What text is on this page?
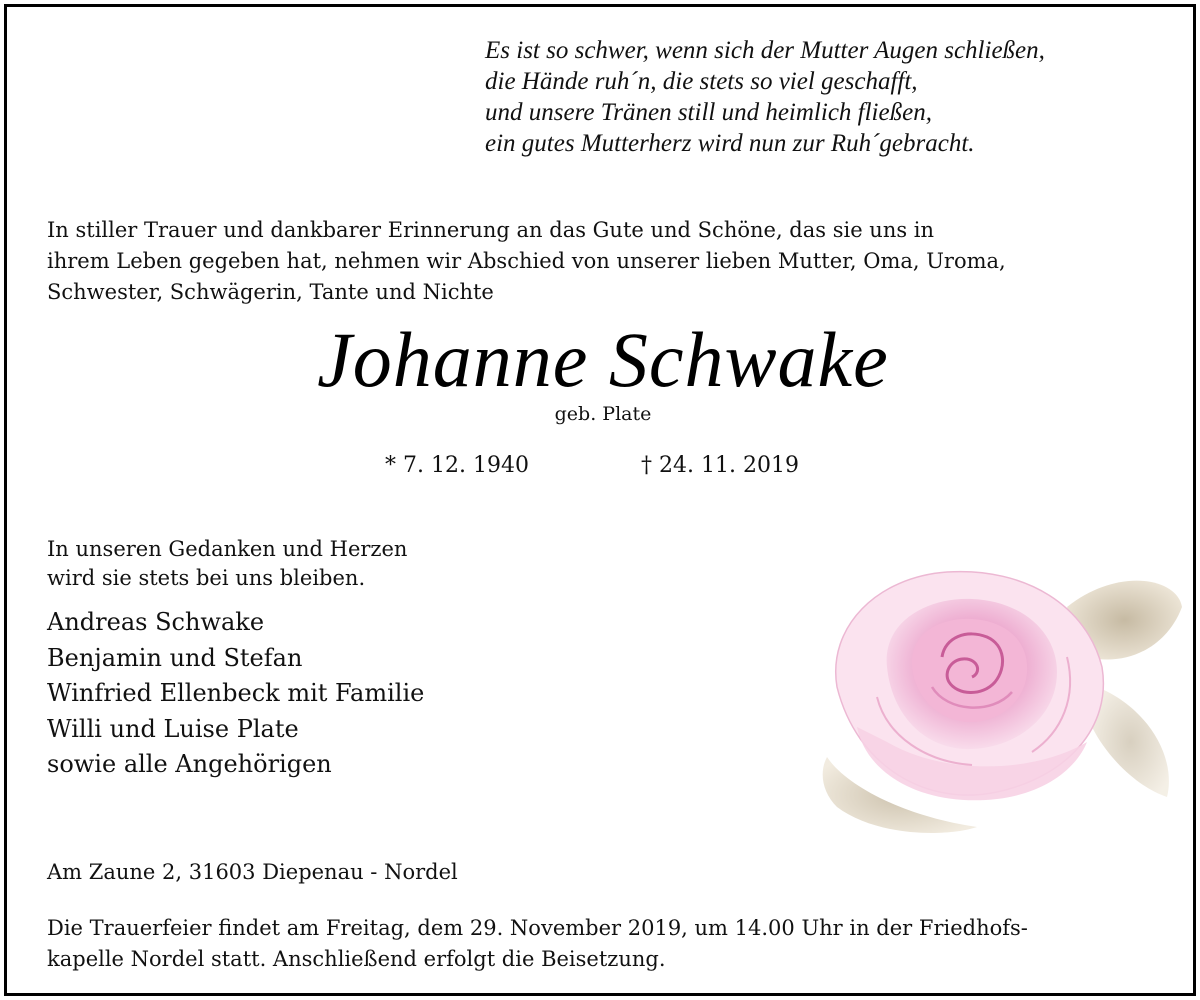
Es ist so schwer, wenn sich der Mutter Augen schließen,
die Hände ruh´n, die stets so viel geschafft,
und unsere Tränen still und heimlich fließen,
ein gutes Mutterherz wird nun zur Ruh´gebracht.
In stiller Trauer und dankbarer Erinnerung an das Gute und Schöne, das sie uns in
ihrem Leben gegeben hat, nehmen wir Abschied von unserer lieben Mutter, Oma, Uroma,
Schwester, Schwägerin, Tante und Nichte
Johanne Schwake
geb. Plate
* 7. 12. 1940	† 24. 11. 2019
In unseren Gedanken und Herzen
wird sie stets bei uns bleiben.
Andreas Schwake
Benjamin und Stefan
Winfried Ellenbeck mit Familie
Willi und Luise Plate
sowie alle Angehörigen
Am Zaune 2, 31603 Diepenau - Nordel
Die Trauerfeier findet am Freitag, dem 29. November 2019, um 14.00 Uhr in der Friedhofs-
kapelle Nordel statt. Anschließend erfolgt die Beisetzung.
